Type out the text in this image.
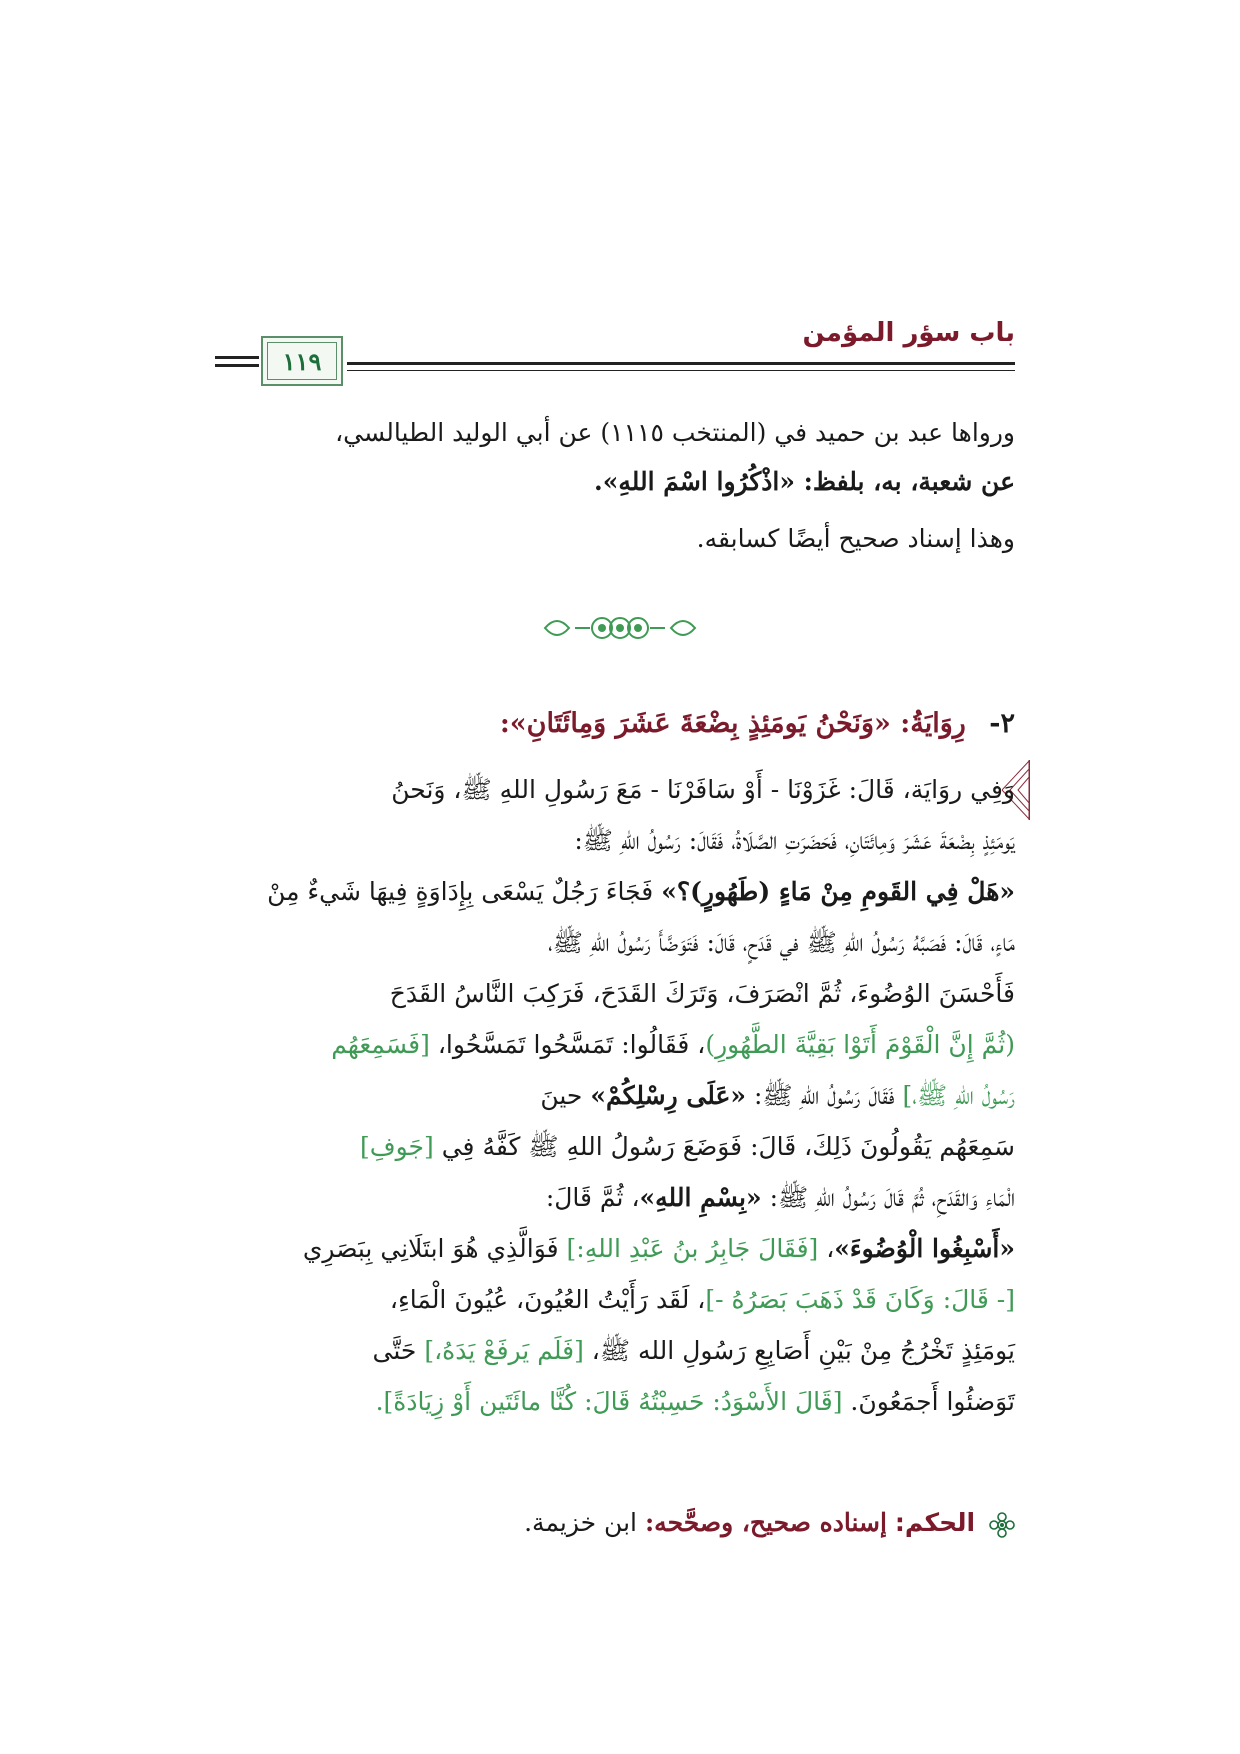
باب سؤر المؤمن
١١٩
ورواها عبد بن حميد في (المنتخب ١١١٥) عن أبي الوليد الطيالسي،
عن شعبة، به، بلفظ: «اذْكُرُوا اسْمَ اللهِ».
وهذا إسناد صحيح أيضًا كسابقه.
٢- رِوَايَةُ: «وَنَحْنُ يَومَئِذٍ بِضْعَةَ عَشَرَ وَمِائَتَانِ»:
وَفِي روَايَة، قَالَ: غَزَوْنَا - أَوْ سَافَرْنَا - مَعَ رَسُولِ اللهِ ﷺ، وَنَحنُ
يَومَئِذٍ بِضْعَةَ عَشَرَ وَمِائَتَانِ، فَحَضَرَتِ الصَّلَاةُ، فَقَالَ: رَسُولُ اللهِ ﷺ:
«هَلْ فِي القَومِ مِنْ مَاءٍ (طَهُورٍ)؟» فَجَاءَ رَجُلٌ يَسْعَى بِإِدَاوَةٍ فِيهَا شَيءٌ مِنْ
مَاءٍ، قَالَ: فَصَبَّهُ رَسُولُ اللهِ ﷺ في قَدَحٍ، قَالَ: فَتَوَضَّأَ رَسُولُ اللهِ ﷺ،
فَأَحْسَنَ الوُضُوءَ، ثُمَّ انْصَرَفَ، وَتَرَكَ القَدَحَ، فَرَكِبَ النَّاسُ القَدَحَ
(ثُمَّ إِنَّ الْقَوْمَ أَتَوْا بَقِيَّةَ الطَّهُورِ)، فَقَالُوا: تَمَسَّحُوا تَمَسَّحُوا، [فَسَمِعَهُم
رَسُولُ اللهِ ﷺ،] فَقَالَ رَسُولُ اللهِ ﷺ: «عَلَى رِسْلِكُمْ» حينَ
سَمِعَهُم يَقُولُونَ ذَلِكَ، قَالَ: فَوَضَعَ رَسُولُ اللهِ ﷺ كَفَّهُ فِي [جَوفِ]
الْمَاءِ وَالقَدَحِ، ثُمَّ قَالَ رَسُولُ اللهِ ﷺ: «بِسْمِ اللهِ»، ثُمَّ قَالَ:
«أَسْبِغُوا الْوُضُوءَ»، [فَقَالَ جَابِرُ بنُ عَبْدِ اللهِ:] فَوَالَّذِي هُوَ ابتَلَانِي بِبَصَرِي
[- قَالَ: وَكَانَ قَدْ ذَهَبَ بَصَرُهُ -]، لَقَد رَأَيْتُ العُيُونَ، عُيُونَ الْمَاءِ،
يَومَئِذٍ تَخْرُجُ مِنْ بَيْنِ أَصَابِعِ رَسُولِ الله ﷺ، [فَلَم يَرفَعْ يَدَهُ،] حَتَّى
تَوَضئُوا أَجمَعُونَ. [قَالَ الأَسْوَدُ: حَسِبْتُهُ قَالَ: كُنَّا مائَتَين أَوْ زِيَادَةً].
الحكم: إسناده صحيح، وصحَّحه: ابن خزيمة.
